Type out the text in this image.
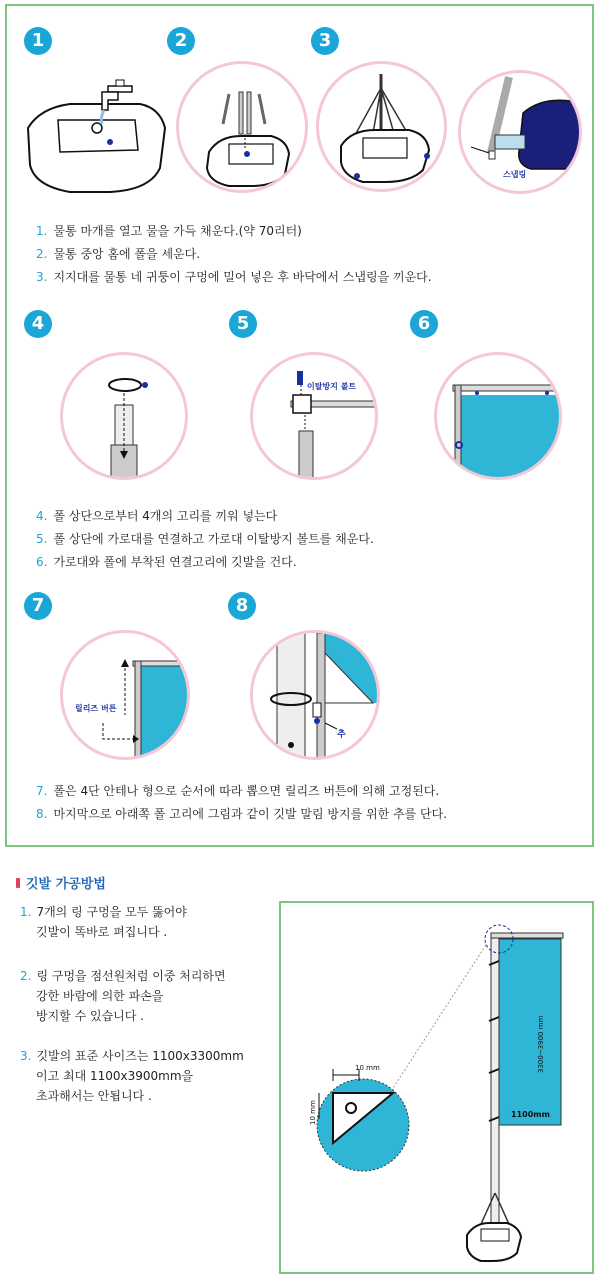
1	2	3
스냅링
1. 물통 마개를 열고 물을 가득 채운다.(약 70리터)
2. 물통 중앙 홈에 폴을 세운다.
3. 지지대를 물통 네 귀퉁이 구멍에 밀어 넣은 후 바닥에서 스냅링을 끼운다.
4	5	6
이탈방지 볼트
4. 폴 상단으로부터 4개의 고리를 끼워 넣는다
5. 폴 상단에 가로대를 연결하고 가로대 이탈방지 볼트를 채운다.
6. 가로대와 폴에 부착된 연결고리에 깃발을 건다.
7	8
릴리즈 버튼
추
7. 폴은 4단 안테나 형으로 순서에 따라 뽑으면 릴리즈 버튼에 의해 고정된다.
8. 마지막으로 아래쪽 폴 고리에 그림과 같이 깃발 말림 방지를 위한 추를 단다.
깃발 가공방법
1. 7개의 링 구멍을 모두 뚫어야
깃발이 똑바로 펴집니다 .
2. 링 구멍을 점선원처럼 이중 처리하면
강한 바람에 의한 파손을
방지할 수 있습니다 .
3. 깃발의 표준 사이즈는 1100x3300mm
이고 최대 1100x3900mm을
초과해서는 안됩니다 .
10 mm
10 mm
3300~3900 mm
1100mm
